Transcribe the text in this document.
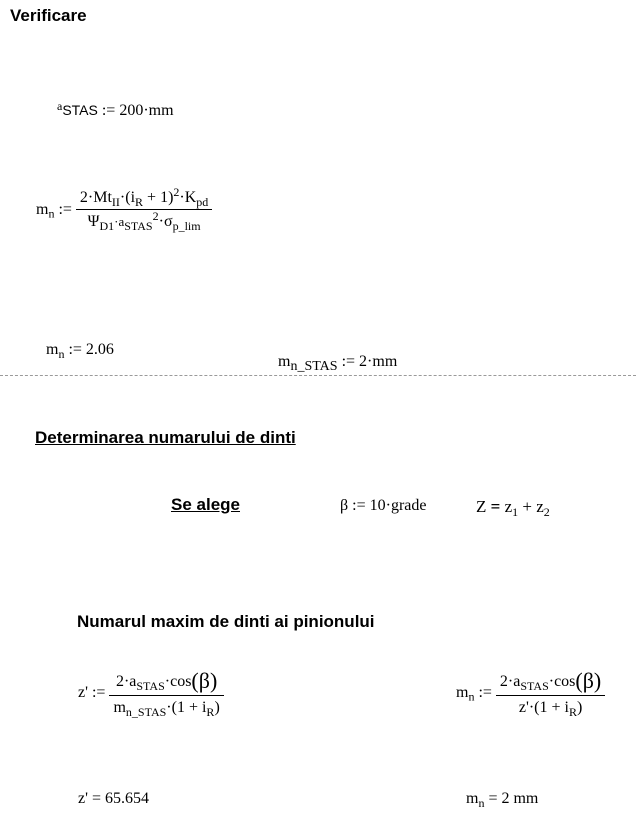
Verificare
$^a$STAS := 200·mm
$m_n$ := $\frac{2\cdot Mt_{II}\cdot(i_R + 1)^2\cdot K_{pd}}{\Psi_{D1}\cdot a_{STAS}^2\cdot\sigma_{p\_lim}}$
$m_n$ := 2.06
$m_{n\_STAS}$ := 2·mm
Determinarea numarului de dinti
Se alege	β := 10·grade	$Z = z_1 + z_2$
Numarul maxim de dinti ai pinionului
z' := $\frac{2\cdot a_{STAS}\cdot\cos(\beta)}{m_{n\_STAS}\cdot(1 + i_R)}$	$m_n$ := $\frac{2\cdot a_{STAS}\cdot\cos(\beta)}{z'\cdot(1 + i_R)}$
z' = 65.654	$m_n = 2$ mm
